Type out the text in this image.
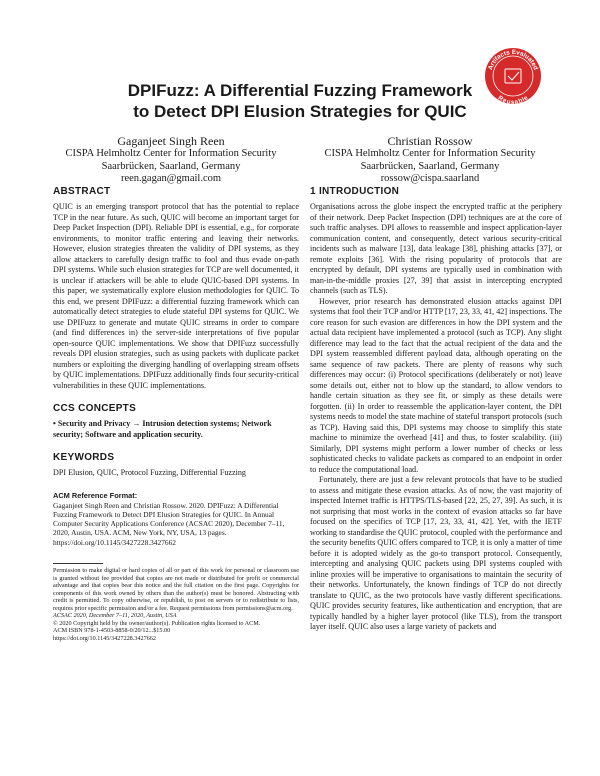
Artifacts Evaluated
Reusable
DPIFuzz: A Differential Fuzzing Framework
to Detect DPI Elusion Strategies for QUIC
Gaganjeet Singh Reen
CISPA Helmholtz Center for Information Security
Saarbrücken, Saarland, Germany
reen.gagan@gmail.com
Christian Rossow
CISPA Helmholtz Center for Information Security
Saarbrücken, Saarland, Germany
rossow@cispa.saarland
ABSTRACT

QUIC is an emerging transport protocol that has the potential to replace TCP in the near future. As such, QUIC will become an important target for Deep Packet Inspection (DPI). Reliable DPI is essential, e.g., for corporate environments, to monitor traffic entering and leaving their networks. However, elusion strategies threaten the validity of DPI systems, as they allow attackers to carefully design traffic to fool and thus evade on-path DPI systems. While such elusion strategies for TCP are well documented, it is unclear if attackers will be able to elude QUIC-based DPI systems. In this paper, we systematically explore elusion methodologies for QUIC. To this end, we present DPIFuzz: a differential fuzzing framework which can automatically detect strategies to elude stateful DPI systems for QUIC. We use DPIFuzz to generate and mutate QUIC streams in order to compare (and find differences in) the server-side interpretations of five popular open-source QUIC implementations. We show that DPIFuzz successfully reveals DPI elusion strategies, such as using packets with duplicate packet numbers or exploiting the diverging handling of overlapping stream offsets by QUIC implementations. DPIFuzz additionally finds four security-critical vulnerabilities in these QUIC implementations.

CCS CONCEPTS
• Security and Privacy → Intrusion detection systems; Network security; Software and application security.
KEYWORDS

DPI Elusion, QUIC, Protocol Fuzzing, Differential Fuzzing

ACM Reference Format:

Gaganjeet Singh Reen and Christian Rossow. 2020. DPIFuzz: A Differential Fuzzing Framework to Detect DPI Elusion Strategies for QUIC. In Annual Computer Security Applications Conference (ACSAC 2020), December 7–11, 2020, Austin, USA. ACM, New York, NY, USA, 13 pages. https://doi.org/10.1145/3427228.3427662

Permission to make digital or hard copies of all or part of this work for personal or classroom use is granted without fee provided that copies are not made or distributed for profit or commercial advantage and that copies bear this notice and the full citation on the first page. Copyrights for components of this work owned by others than the author(s) must be honored. Abstracting with credit is permitted. To copy otherwise, or republish, to post on servers or to redistribute to lists, requires prior specific permission and/or a fee. Request permissions from permissions@acm.org.

ACSAC 2020, December 7–11, 2020, Austin, USA

© 2020 Copyright held by the owner/author(s). Publication rights licensed to ACM.

ACM ISBN 978-1-4503-8858-0/20/12...$15.00

https://doi.org/10.1145/3427228.3427662

1 INTRODUCTION

Organisations across the globe inspect the encrypted traffic at the periphery of their network. Deep Packet Inspection (DPI) techniques are at the core of such traffic analyses. DPI allows to reassemble and inspect application-layer communication content, and consequently, detect various security-critical incidents such as malware [13], data leakage [38], phishing attacks [37], or remote exploits [36]. With the rising popularity of protocols that are encrypted by default, DPI systems are typically used in combination with man-in-the-middle proxies [27, 39] that assist in intercepting encrypted channels (such as TLS).

However, prior research has demonstrated elusion attacks against DPI systems that fool their TCP and/or HTTP [17, 23, 33, 41, 42] inspections. The core reason for such evasion are differences in how the DPI system and the actual data recipient have implemented a protocol (such as TCP). Any slight difference may lead to the fact that the actual recipient of the data and the DPI system reassembled different payload data, although operating on the same sequence of raw packets. There are plenty of reasons why such differences may occur: (i) Protocol specifications (deliberately or not) leave some details out, either not to blow up the standard, to allow vendors to handle certain situation as they see fit, or simply as these details were forgotten. (ii) In order to reassemble the application-layer content, the DPI systems needs to model the state machine of stateful transport protocols (such as TCP). Having said this, DPI systems may choose to simplify this state machine to minimize the overhead [41] and thus, to foster scalability. (iii) Similarly, DPI systems might perform a lower number of checks or less sophisticated checks to validate packets as compared to an endpoint in order to reduce the computational load.

Fortunately, there are just a few relevant protocols that have to be studied to assess and mitigate these evasion attacks. As of now, the vast majority of inspected Internet traffic is HTTPS/TLS-based [22, 25, 27, 39]. As such, it is not surprising that most works in the context of evasion attacks so far have focused on the specifics of TCP [17, 23, 33, 41, 42]. Yet, with the IETF working to standardise the QUIC protocol, coupled with the performance and the security benefits QUIC offers compared to TCP, it is only a matter of time before it is adopted widely as the go-to transport protocol. Consequently, intercepting and analysing QUIC packets using DPI systems coupled with inline proxies will be imperative to organisations to maintain the security of their networks. Unfortunately, the known findings of TCP do not directly translate to QUIC, as the two protocols have vastly different specifications. QUIC provides security features, like authentication and encryption, that are typically handled by a higher layer protocol (like TLS), from the transport layer itself. QUIC also uses a large variety of packets and
